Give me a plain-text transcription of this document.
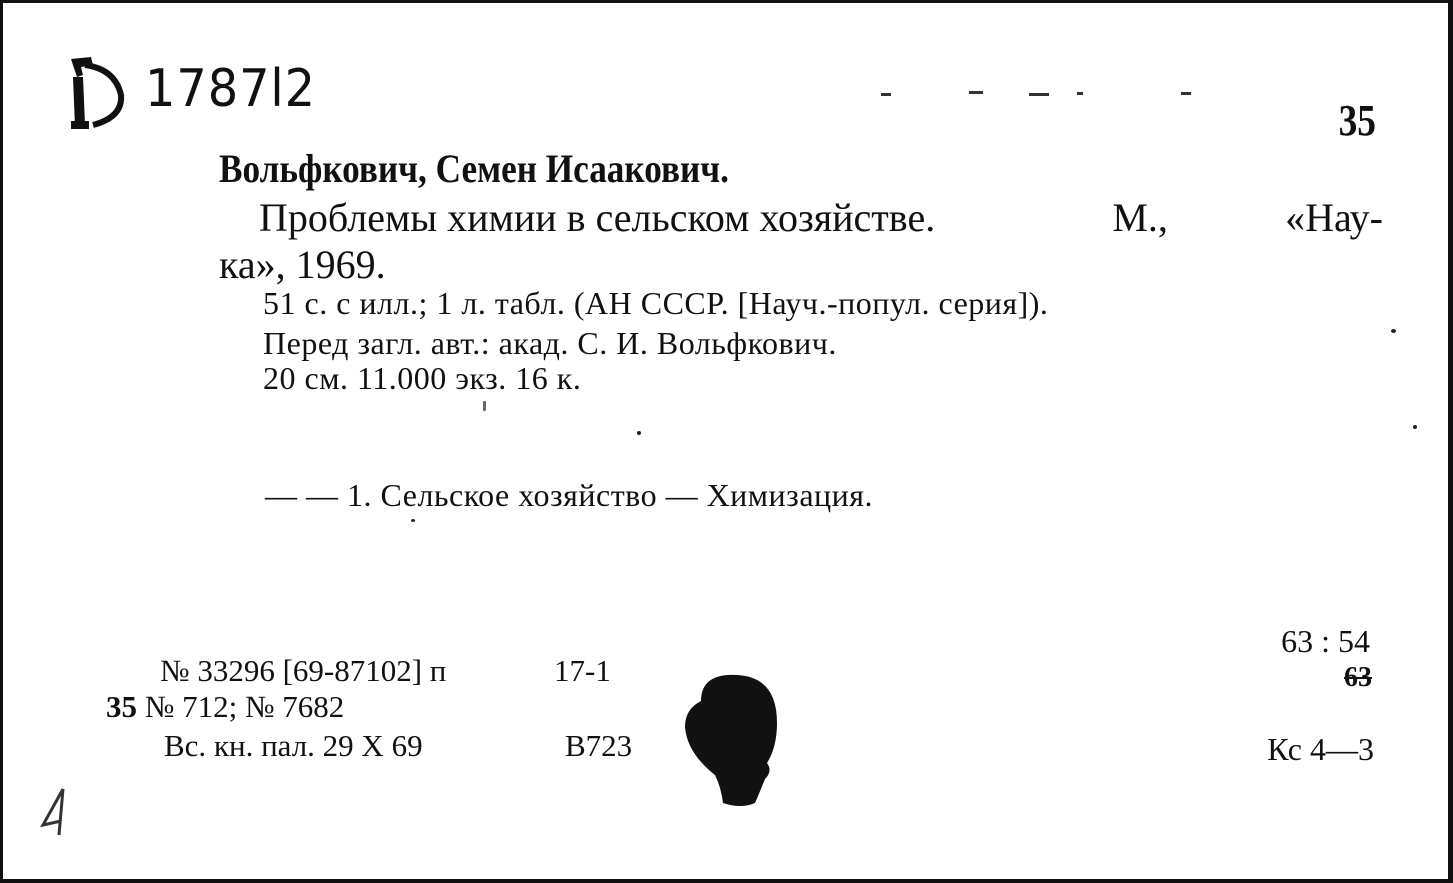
1787l2
35
Вольфкович, Семен Исаакович.
Проблемы химии в сельском хозяйстве.	М.,	«Нау-
ка», 1969.
51 с. с илл.; 1 л. табл. (АН СССР. [Науч.-попул. серия]).
Перед загл. авт.: акад. С. И. Вольфкович.
20 см. 11.000 экз. 16 к.
— — 1. Сельское хозяйство — Химизация.
№ 33296 [69-87102] п	17-1
35 № 712; № 7682
Вс. кн. пал. 29 X 69	В723
63 : 54
63
Кс 4—3
